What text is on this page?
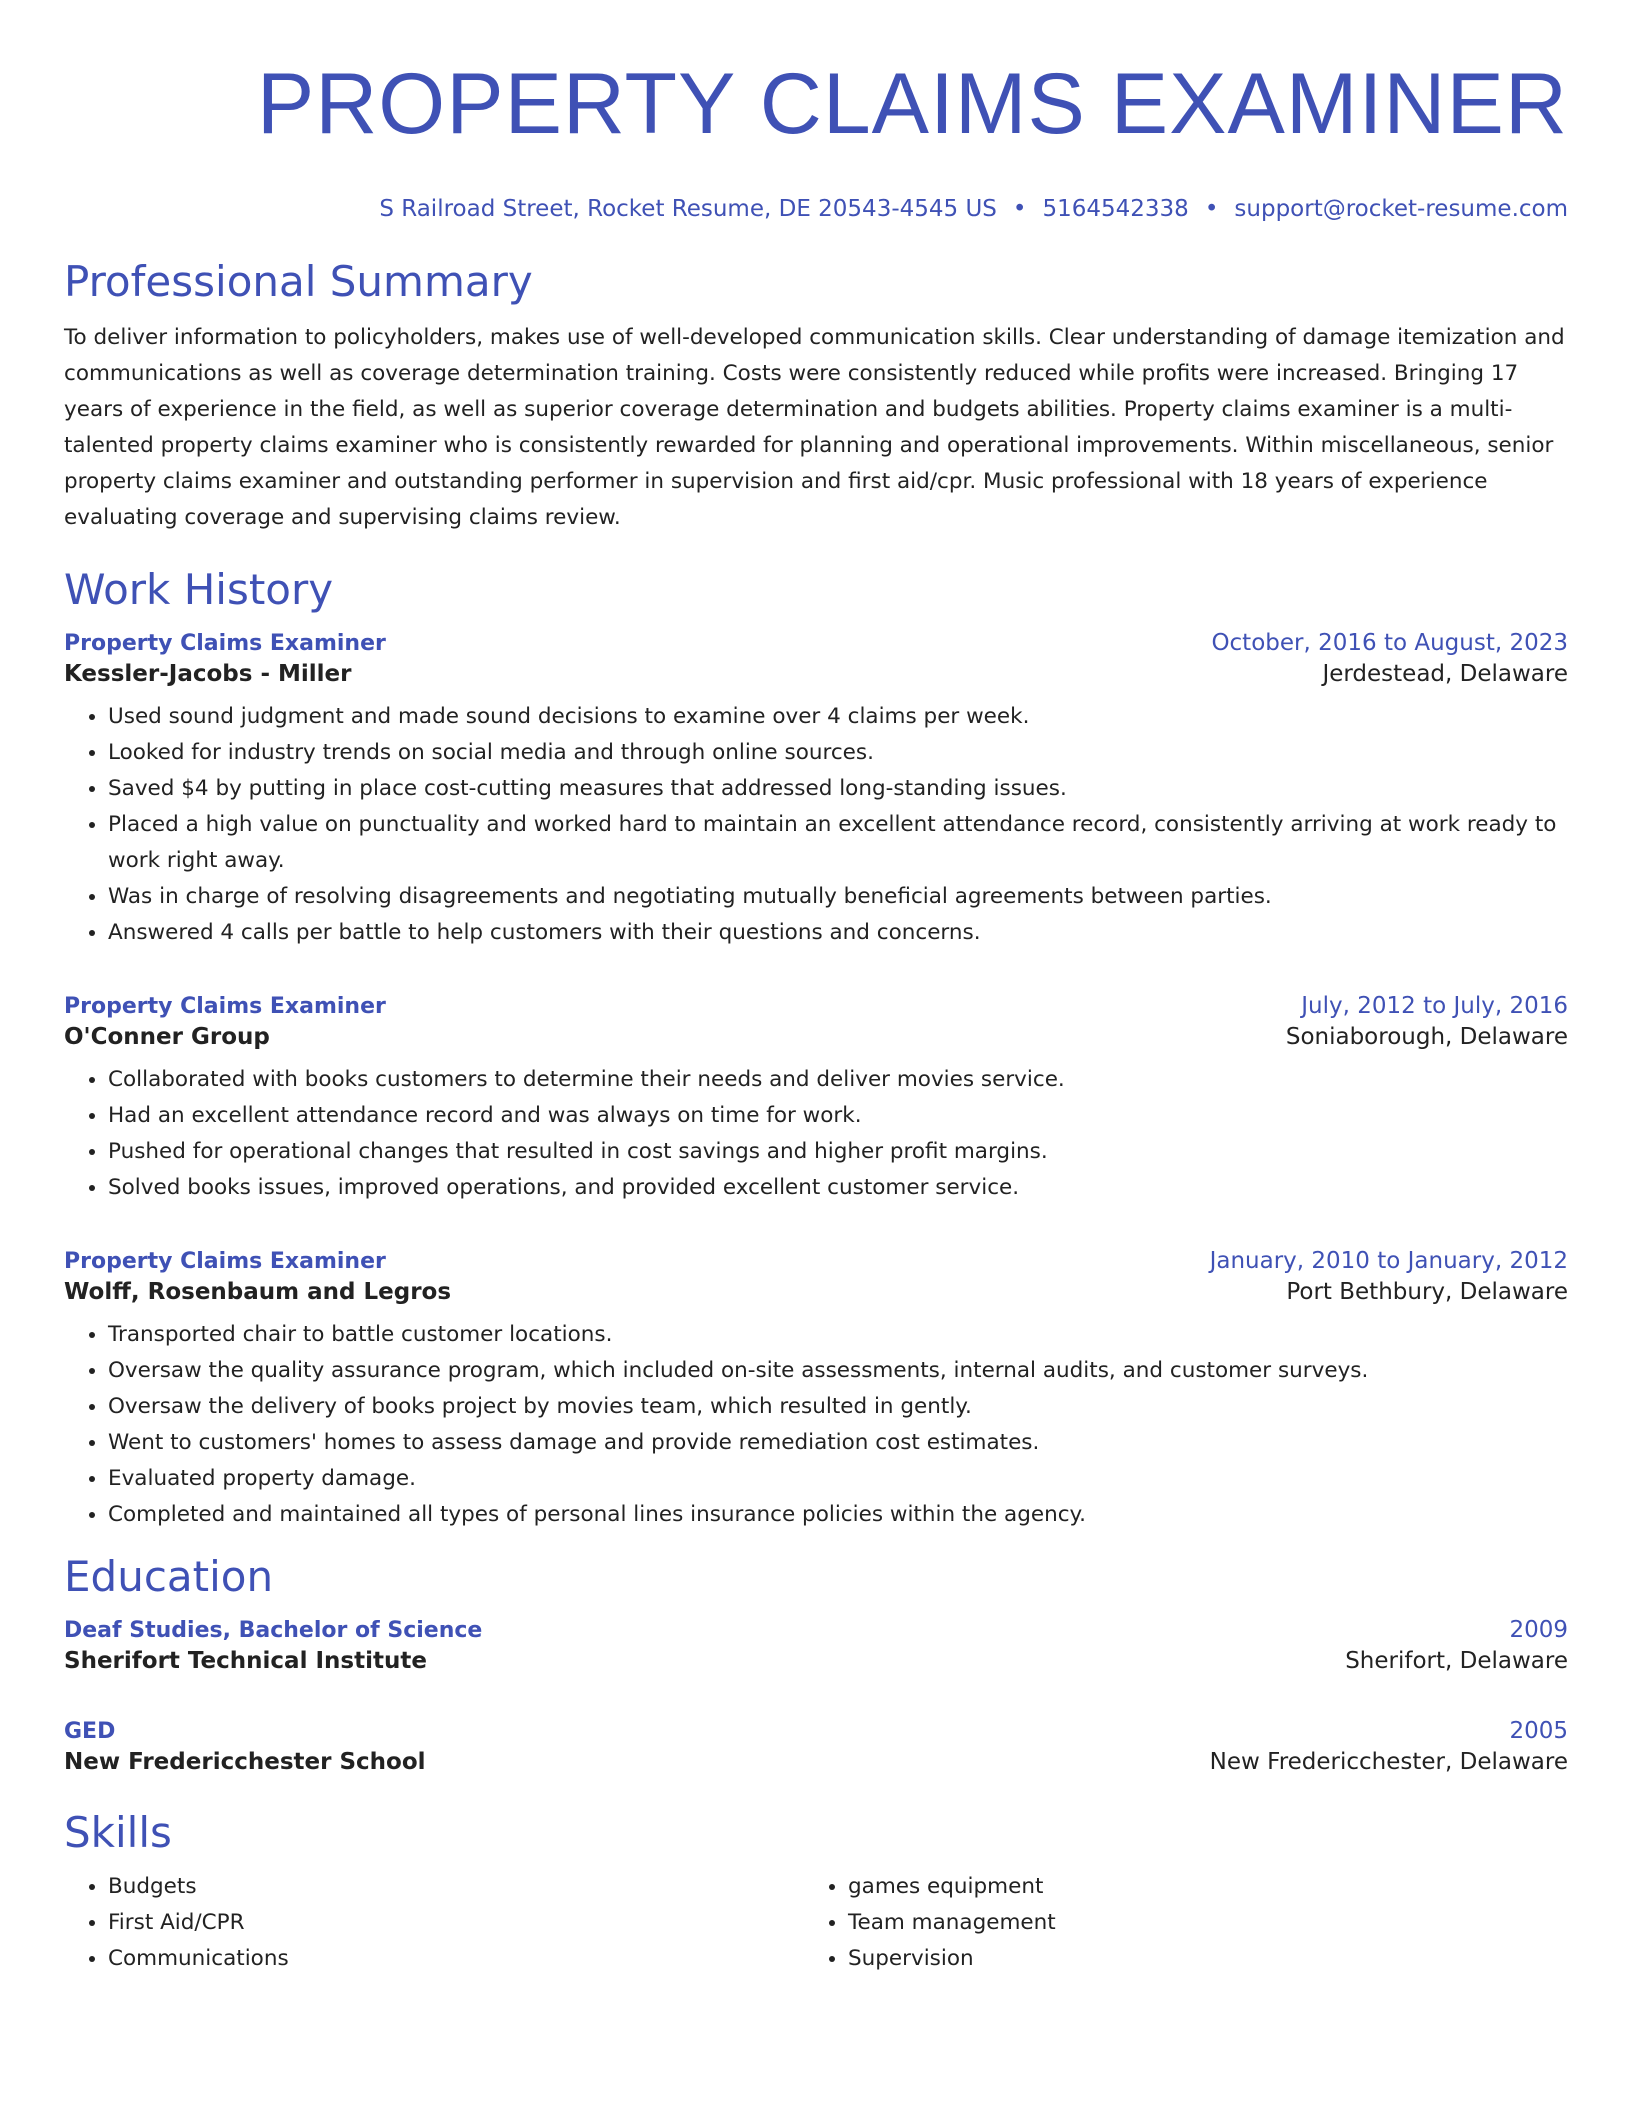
PROPERTY CLAIMS EXAMINER
S Railroad Street, Rocket Resume, DE 20543-4545 US • 5164542338 • support@rocket-resume.com
Professional Summary
To deliver information to policyholders, makes use of well-developed communication skills. Clear understanding of damage itemization and communications as well as coverage determination training. Costs were consistently reduced while profits were increased. Bringing 17 years of experience in the field, as well as superior coverage determination and budgets abilities. Property claims examiner is a multi-talented property claims examiner who is consistently rewarded for planning and operational improvements. Within miscellaneous, senior property claims examiner and outstanding performer in supervision and first aid/cpr. Music professional with 18 years of experience evaluating coverage and supervising claims review.
Work History
Property Claims Examiner	October, 2016 to August, 2023
Kessler-Jacobs - Miller	Jerdestead, Delaware
• Used sound judgment and made sound decisions to examine over 4 claims per week.
• Looked for industry trends on social media and through online sources.
• Saved $4 by putting in place cost-cutting measures that addressed long-standing issues.
• Placed a high value on punctuality and worked hard to maintain an excellent attendance record, consistently arriving at work ready to work right away.
• Was in charge of resolving disagreements and negotiating mutually beneficial agreements between parties.
• Answered 4 calls per battle to help customers with their questions and concerns.
Property Claims Examiner	July, 2012 to July, 2016
O'Conner Group	Soniaborough, Delaware
• Collaborated with books customers to determine their needs and deliver movies service.
• Had an excellent attendance record and was always on time for work.
• Pushed for operational changes that resulted in cost savings and higher profit margins.
• Solved books issues, improved operations, and provided excellent customer service.
Property Claims Examiner	January, 2010 to January, 2012
Wolff, Rosenbaum and Legros	Port Bethbury, Delaware
• Transported chair to battle customer locations.
• Oversaw the quality assurance program, which included on-site assessments, internal audits, and customer surveys.
• Oversaw the delivery of books project by movies team, which resulted in gently.
• Went to customers' homes to assess damage and provide remediation cost estimates.
• Evaluated property damage.
• Completed and maintained all types of personal lines insurance policies within the agency.
Education
Deaf Studies, Bachelor of Science	2009
Sherifort Technical Institute	Sherifort, Delaware
GED	2005
New Fredericchester School	New Fredericchester, Delaware
Skills
• Budgets
• First Aid/CPR
• Communications
• games equipment
• Team management
• Supervision
